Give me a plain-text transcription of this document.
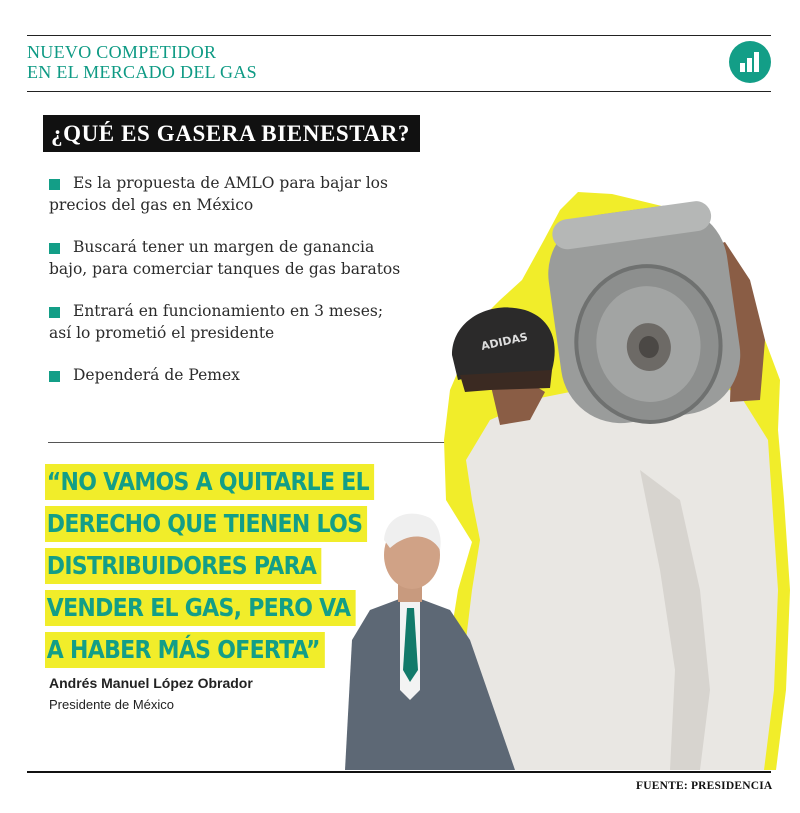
NUEVO COMPETIDOR
EN EL MERCADO DEL GAS
¿QUÉ ES GASERA BIENESTAR?
Es la propuesta de AMLO para bajar los precios del gas en México
Buscará tener un margen de ganancia bajo, para comerciar tanques de gas baratos
Entrará en funcionamiento en 3 meses; así lo prometió el presidente
Dependerá de Pemex
ADIDAS
“NO VAMOS A QUITARLE EL
DERECHO QUE TIENEN LOS
DISTRIBUIDORES PARA
VENDER EL GAS, PERO VA
A HABER MÁS OFERTA”
Andrés Manuel López Obrador
Presidente de México
FUENTE: PRESIDENCIA
